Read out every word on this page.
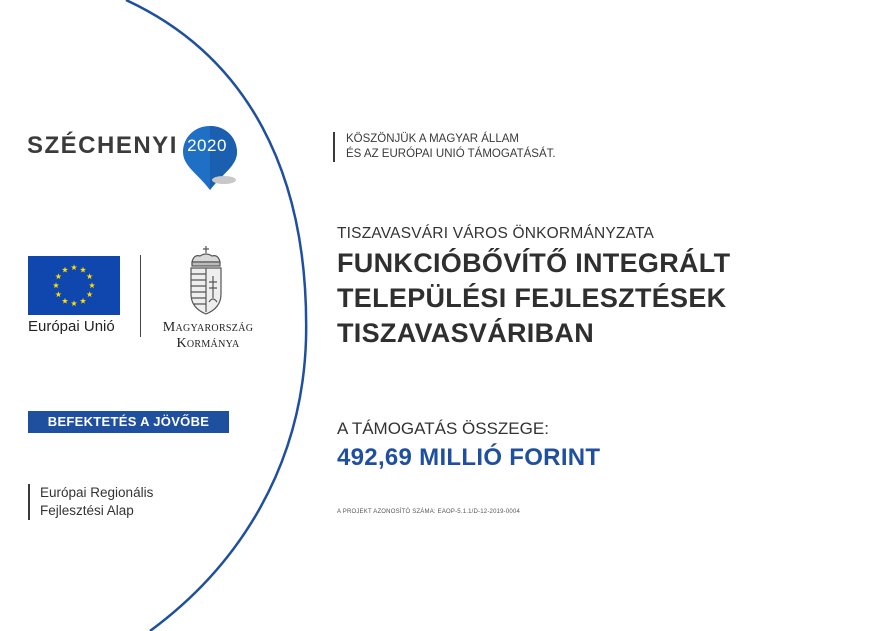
SZÉCHENYI 2020	KÖSZÖNJÜK A MAGYAR ÁLLAM
ÉS AZ EURÓPAI UNIÓ TÁMOGATÁSÁT.
Európai Unió	Magyarország
Kormánya
BEFEKTETÉS A JÖVŐBE
Európai Regionális
Fejlesztési Alap
TISZAVASVÁRI VÁROS ÖNKORMÁNYZATA
FUNKCIÓBŐVÍTŐ INTEGRÁLT
TELEPÜLÉSI FEJLESZTÉSEK
TISZAVASVÁRIBAN
A TÁMOGATÁS ÖSSZEGE:
492,69 MILLIÓ FORINT
A PROJEKT AZONOSÍTÓ SZÁMA: EAOP-5.1.1/D-12-2019-0004
